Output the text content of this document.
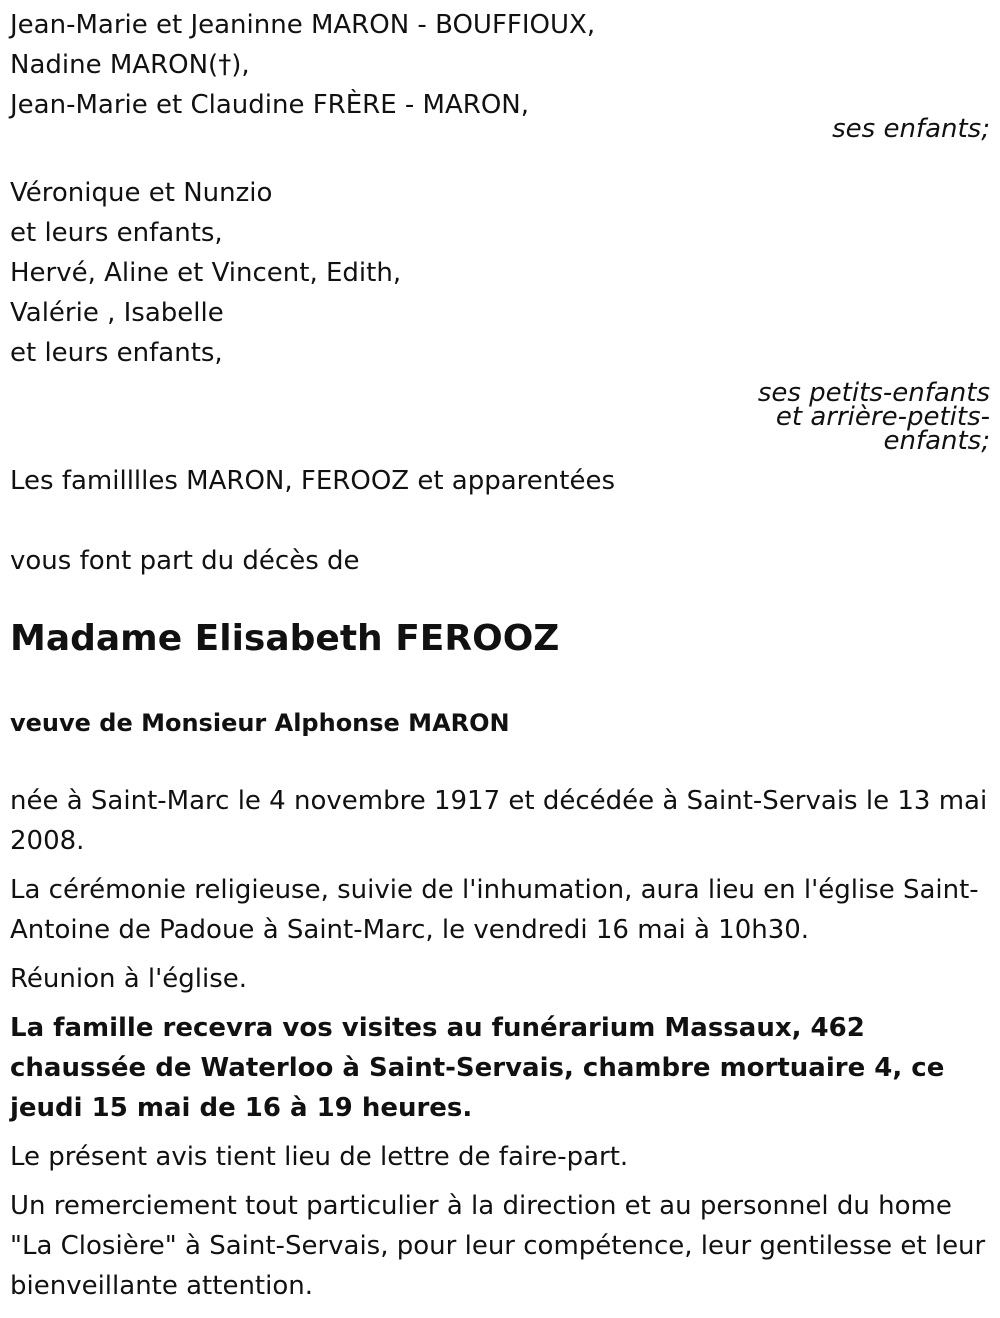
Jean-Marie et Jeaninne MARON - BOUFFIOUX,
Nadine MARON(†),
Jean-Marie et Claudine FRÈRE - MARON,
ses enfants;
Véronique et Nunzio
et leurs enfants,
Hervé, Aline et Vincent, Edith,
Valérie , Isabelle
et leurs enfants,
ses petits-enfants
et arrière-petits-
enfants;
Les familllles MARON, FEROOZ et apparentées
vous font part du décès de
Madame Elisabeth FEROOZ
veuve de Monsieur Alphonse MARON
née à Saint-Marc le 4 novembre 1917 et décédée à Saint-Servais le 13 mai 2008.
La cérémonie religieuse, suivie de l'inhumation, aura lieu en l'église Saint-Antoine de Padoue à Saint-Marc, le vendredi 16 mai à 10h30.
Réunion à l'église.
La famille recevra vos visites au funérarium Massaux, 462 chaussée de Waterloo à Saint-Servais, chambre mortuaire 4, ce jeudi 15 mai de 16 à 19 heures.
Le présent avis tient lieu de lettre de faire-part.
Un remerciement tout particulier à la direction et au personnel du home "La Closière" à Saint-Servais, pour leur compétence, leur gentilesse et leur bienveillante attention.
